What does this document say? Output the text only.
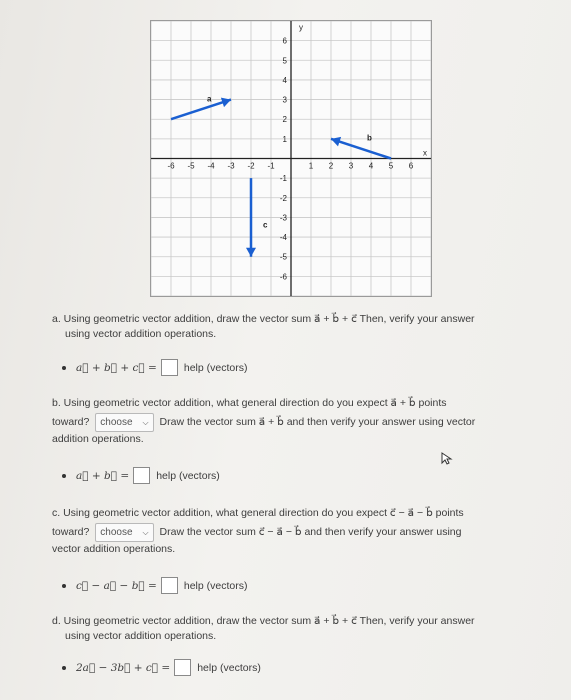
-6 -5 -4 -3 -2 -1	1 2 3 4 5 6
6
5
4
3
2
1
-1
-2
-3
-4
-5
-6
y
x
a
b
c
a. Using geometric vector addition, draw the vector sum a⃗ + b⃗ + c⃗ Then, verify your answer
using vector addition operations.
a⃗ + b⃗ + c⃗ =	help (vectors)
b. Using geometric vector addition, what general direction do you expect a⃗ + b⃗ points
toward? choose ⌵ Draw the vector sum a⃗ + b⃗ and then verify your answer using vector
addition operations.
a⃗ + b⃗ =	help (vectors)
c. Using geometric vector addition, what general direction do you expect c⃗ − a⃗ − b⃗ points
toward? choose ⌵ Draw the vector sum c⃗ − a⃗ − b⃗ and then verify your answer using
vector addition operations.
c⃗ − a⃗ − b⃗ =	help (vectors)
d. Using geometric vector addition, draw the vector sum a⃗ + b⃗ + c⃗ Then, verify your answer
using vector addition operations.
2a⃗ − 3b⃗ + c⃗ =	help (vectors)
